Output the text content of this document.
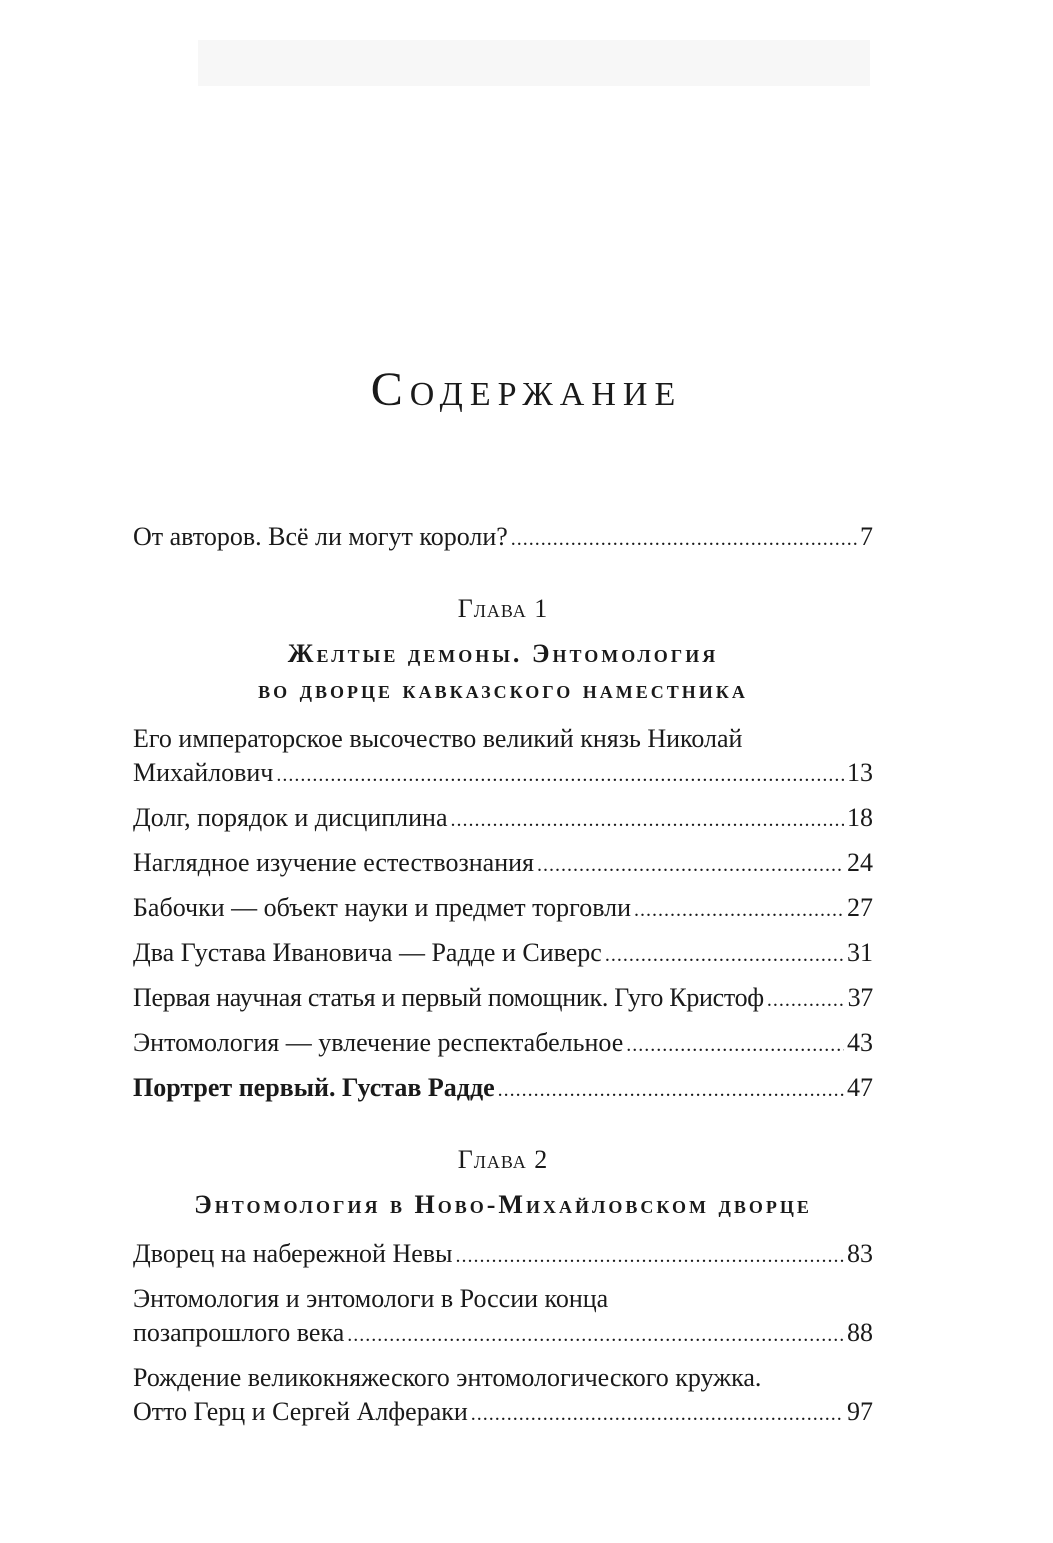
Содержание
От авторов. Всё ли могут короли? .....	7
Глава 1
Желтые демоны. Энтомология
во дворце кавказского наместника
Его императорское высочество великий князь Николай
Михайлович .....	13
Долг, порядок и дисциплина .....	18
Наглядное изучение естествознания .....	24
Бабочки — объект науки и предмет торговли .....	27
Два Густава Ивановича — Радде и Сиверс .....	31
Первая научная статья и первый помощник. Гуго Кристоф .....	37
Энтомология — увлечение респектабельное .....	43
Портрет первый. Густав Радде .....	47
Глава 2
Энтомология в Ново-Михайловском дворце
Дворец на набережной Невы .....	83
Энтомология и энтомологи в России конца
позапрошлого века .....	88
Рождение великокняжеского энтомологического кружка.
Отто Герц и Сергей Алфераки .....	97
